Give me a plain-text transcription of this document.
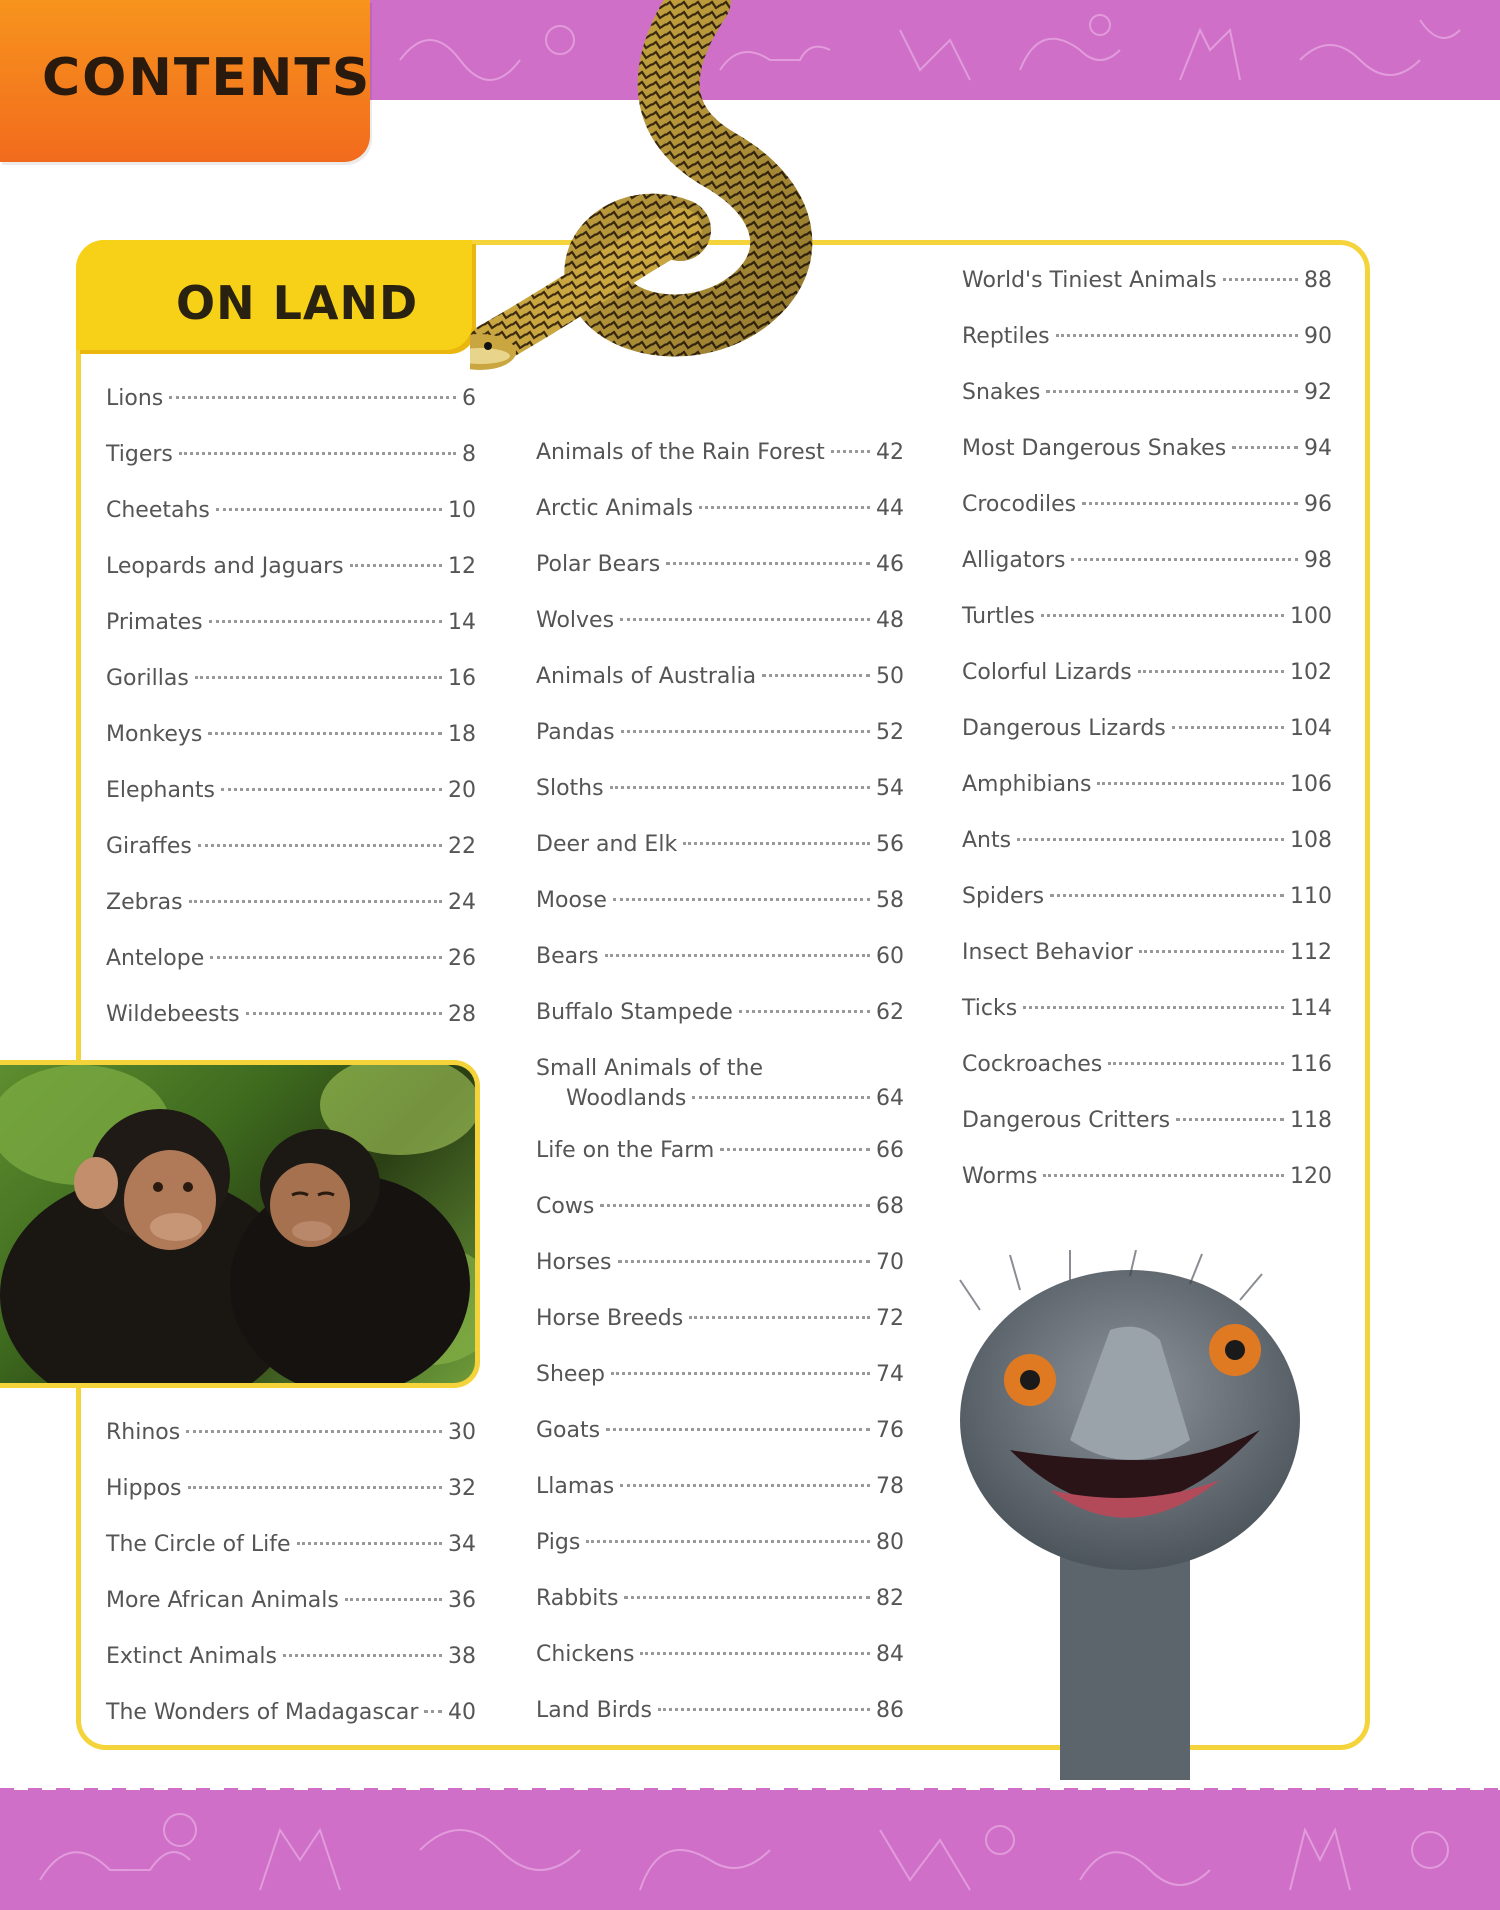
CONTENTS
ON LAND
Lions	6
Tigers	8
Cheetahs	10
Leopards and Jaguars	12
Primates	14
Gorillas	16
Monkeys	18
Elephants	20
Giraffes	22
Zebras	24
Antelope	26
Wildebeests	28
Rhinos	30
Hippos	32
The Circle of Life	34
More African Animals	36
Extinct Animals	38
The Wonders of Madagascar 40
Animals of the Rain Forest 42
Arctic Animals	44
Polar Bears	46
Wolves	48
Animals of Australia	50
Pandas	52
Sloths	54
Deer and Elk	56
Moose	58
Bears	60
Buffalo Stampede	62
Small Animals of the
Woodlands	64
Life on the Farm	66
Cows	68
Horses	70
Horse Breeds	72
Sheep	74
Goats	76
Llamas	78
Pigs	80
Rabbits	82
Chickens	84
Land Birds	86
World's Tiniest Animals	88
Reptiles	90
Snakes	92
Most Dangerous Snakes	94
Crocodiles	96
Alligators	98
Turtles	100
Colorful Lizards	102
Dangerous Lizards	104
Amphibians	106
Ants	108
Spiders	110
Insect Behavior	112
Ticks	114
Cockroaches	116
Dangerous Critters	118
Worms	120
